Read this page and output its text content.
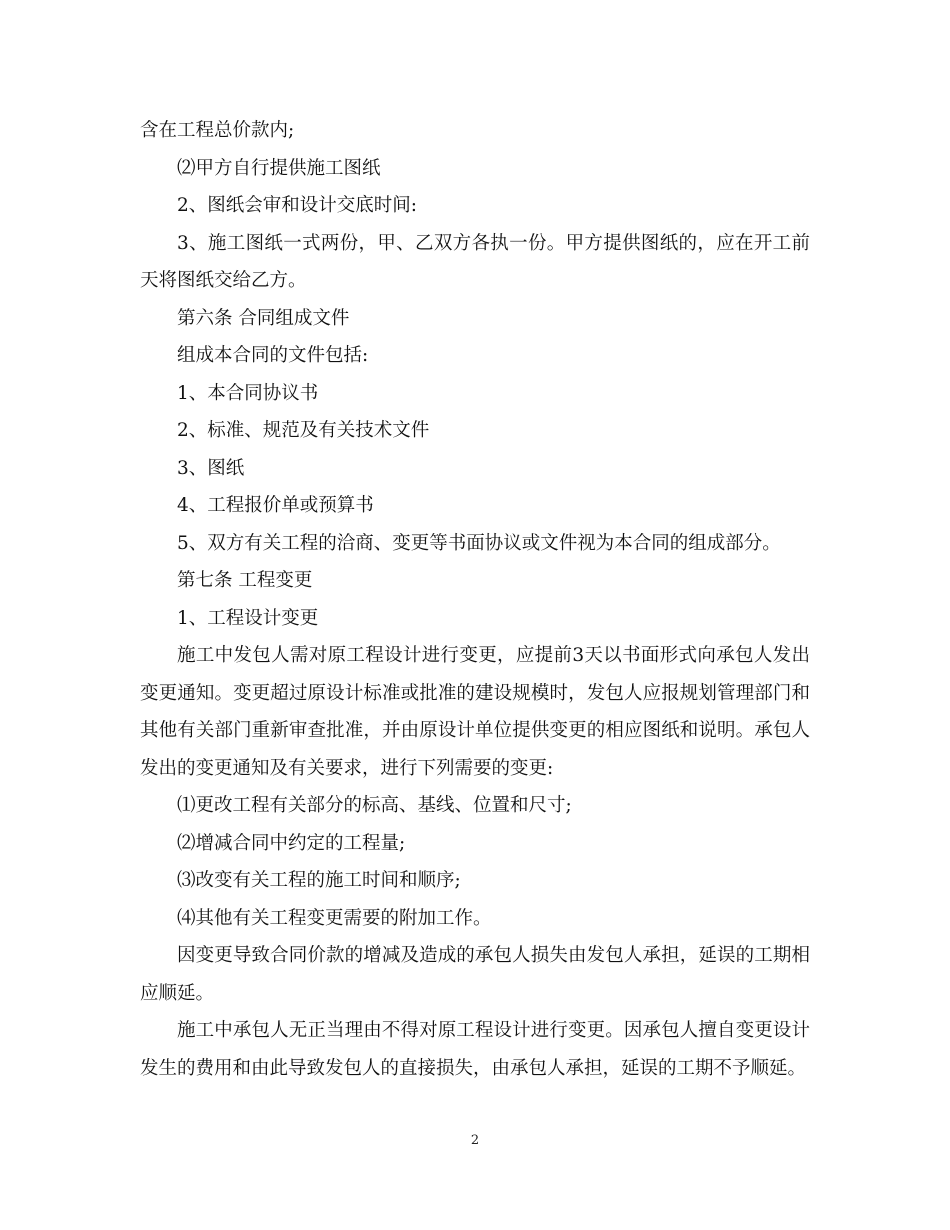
含在工程总价款内;

⑵甲方自行提供施工图纸

2、图纸会审和设计交底时间:

3、施工图纸一式两份，甲、乙双方各执一份。甲方提供图纸的，应在开工前天将图纸交给乙方。

第六条 合同组成文件

组成本合同的文件包括:

1、本合同协议书

2、标准、规范及有关技术文件

3、图纸

4、工程报价单或预算书

5、双方有关工程的洽商、变更等书面协议或文件视为本合同的组成部分。

第七条 工程变更

1、工程设计变更

施工中发包人需对原工程设计进行变更，应提前3天以书面形式向承包人发出变更通知。变更超过原设计标准或批准的建设规模时，发包人应报规划管理部门和其他有关部门重新审查批准，并由原设计单位提供变更的相应图纸和说明。承包人发出的变更通知及有关要求，进行下列需要的变更:

⑴更改工程有关部分的标高、基线、位置和尺寸;

⑵增减合同中约定的工程量;

⑶改变有关工程的施工时间和顺序;

⑷其他有关工程变更需要的附加工作。

因变更导致合同价款的增减及造成的承包人损失由发包人承担，延误的工期相应顺延。

施工中承包人无正当理由不得对原工程设计进行变更。因承包人擅自变更设计发生的费用和由此导致发包人的直接损失，由承包人承担，延误的工期不予顺延。

2
